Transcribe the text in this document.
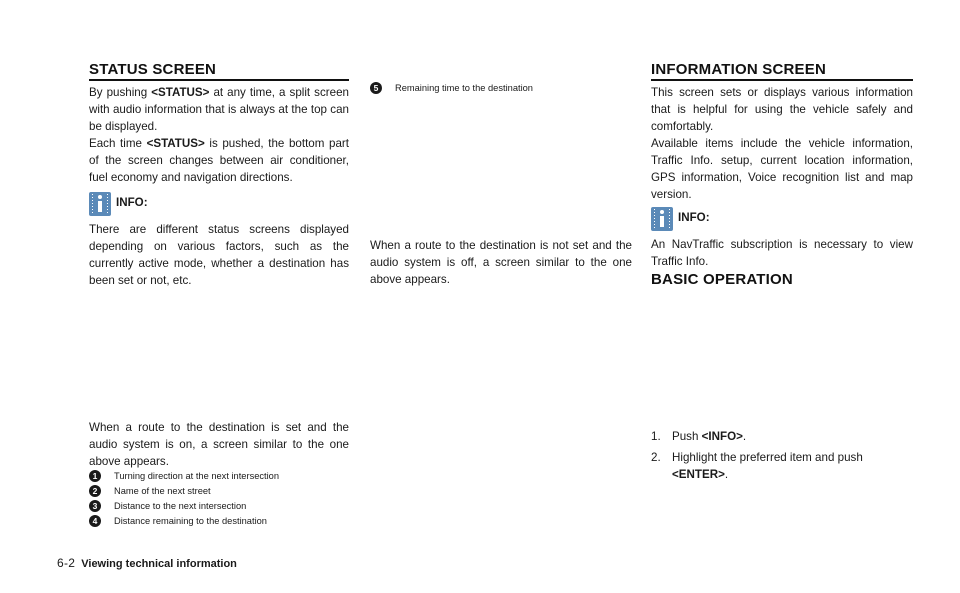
STATUS SCREEN

By pushing <STATUS> at any time, a split screen with audio information that is always at the top can be displayed.

Each time <STATUS> is pushed, the bottom part of the screen changes between air conditioner, fuel economy and navigation directions.

INFO:

There are different status screens displayed depending on various factors, such as the currently active mode, whether a destination has been set or not, etc.

When a route to the destination is set and the audio system is on, a screen similar to the one above appears.

1	Turning direction at the next intersection
2	Name of the next street
3	Distance to the next intersection
4	Distance remaining to the destination
5	Remaining time to the destination

When a route to the destination is not set and the audio system is off, a screen similar to the one above appears.

INFORMATION SCREEN

This screen sets or displays various information that is helpful for using the vehicle safely and comfortably.

Available items include the vehicle information, Traffic Info. setup, current location information, GPS information, Voice recognition list and map version.

INFO:

An NavTraffic subscription is necessary to view Traffic Info.

BASIC OPERATION
1. Push <INFO>.
2. Highlight the preferred item and push <ENTER>.
6-2 Viewing technical information
